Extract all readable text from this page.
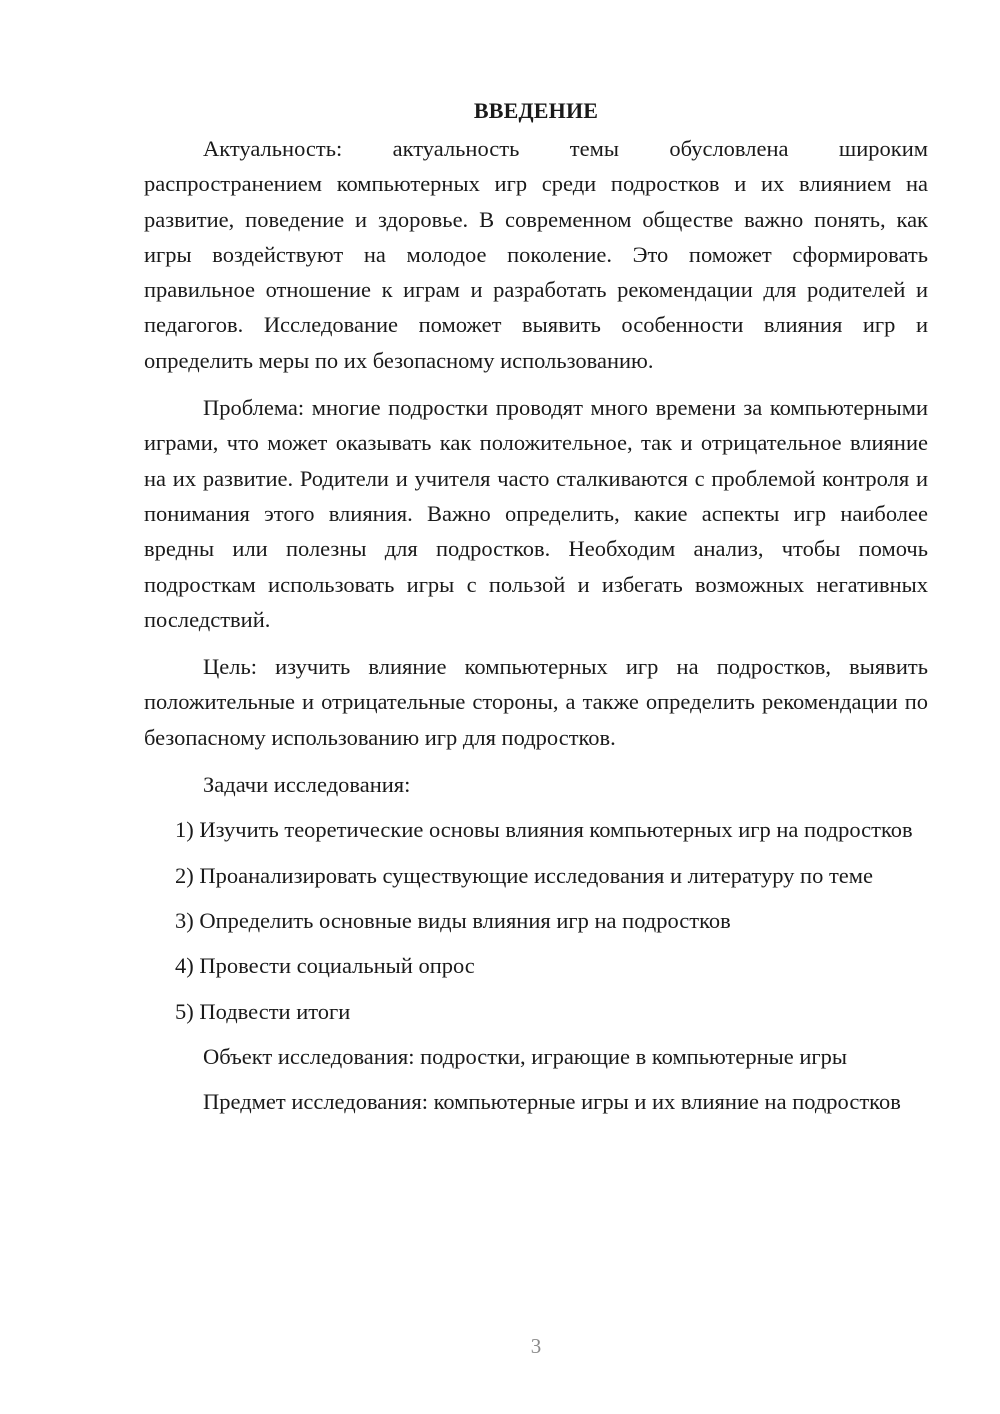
ВВЕДЕНИЕ

Актуальность: актуальность темы обусловлена широким распространением компьютерных игр среди подростков и их влиянием на развитие, поведение и здоровье. В современном обществе важно понять, как игры воздействуют на молодое поколение. Это поможет сформировать правильное отношение к играм и разработать рекомендации для родителей и педагогов. Исследование поможет выявить особенности влияния игр и определить меры по их безопасному использованию.

Проблема: многие подростки проводят много времени за компьютерными играми, что может оказывать как положительное, так и отрицательное влияние на их развитие. Родители и учителя часто сталкиваются с проблемой контроля и понимания этого влияния. Важно определить, какие аспекты игр наиболее вредны или полезны для подростков. Необходим анализ, чтобы помочь подросткам использовать игры с пользой и избегать возможных негативных последствий.

Цель: изучить влияние компьютерных игр на подростков, выявить положительные и отрицательные стороны, а также определить рекомендации по безопасному использованию игр для подростков.

Задачи исследования:

1) Изучить теоретические основы влияния компьютерных игр на подростков

2) Проанализировать существующие исследования и литературу по теме

3) Определить основные виды влияния игр на подростков

4) Провести социальный опрос

5) Подвести итоги

Объект исследования: подростки, играющие в компьютерные игры

Предмет исследования: компьютерные игры и их влияние на подростков

3
